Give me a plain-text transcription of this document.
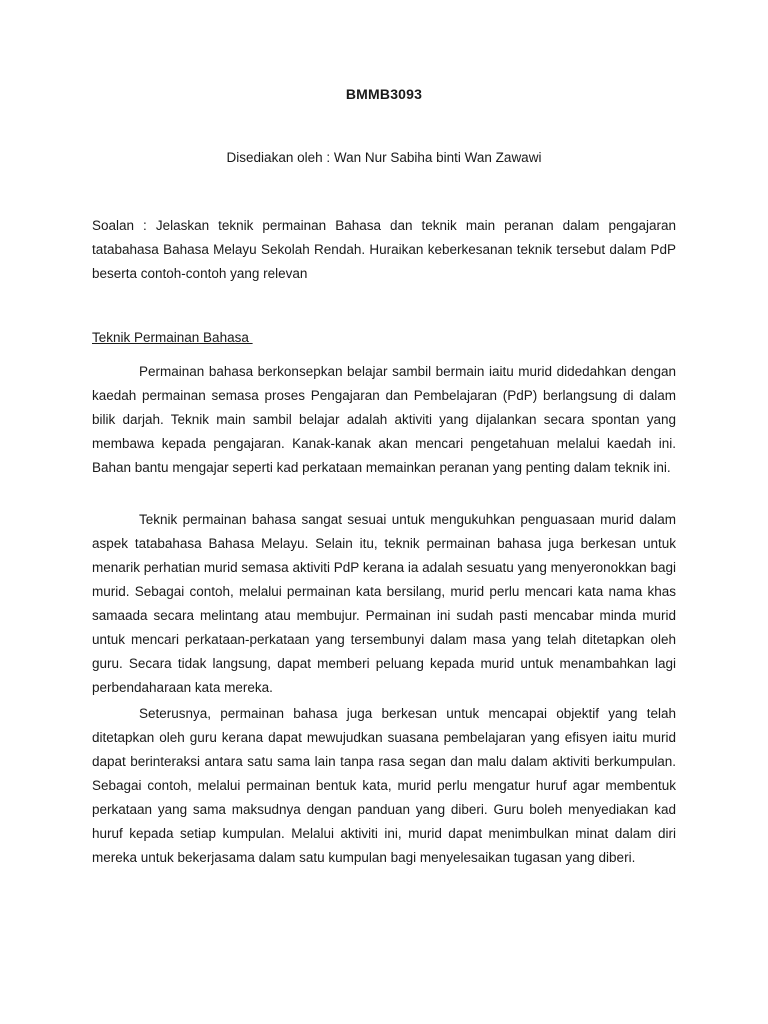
BMMB3093
Disediakan oleh : Wan Nur Sabiha binti Wan Zawawi
Soalan : Jelaskan teknik permainan Bahasa dan teknik main peranan dalam pengajaran tatabahasa Bahasa Melayu Sekolah Rendah. Huraikan keberkesanan teknik tersebut dalam PdP beserta contoh-contoh yang relevan
Teknik Permainan Bahasa
Permainan bahasa berkonsepkan belajar sambil bermain iaitu murid didedahkan dengan kaedah permainan semasa proses Pengajaran dan Pembelajaran (PdP) berlangsung di dalam bilik darjah. Teknik main sambil belajar adalah aktiviti yang dijalankan secara spontan yang membawa kepada pengajaran. Kanak-kanak akan mencari pengetahuan melalui kaedah ini. Bahan bantu mengajar seperti kad perkataan memainkan peranan yang penting dalam teknik ini.
Teknik permainan bahasa sangat sesuai untuk mengukuhkan penguasaan murid dalam aspek tatabahasa Bahasa Melayu. Selain itu, teknik permainan bahasa juga berkesan untuk menarik perhatian murid semasa aktiviti PdP kerana ia adalah sesuatu yang menyeronokkan bagi murid. Sebagai contoh, melalui permainan kata bersilang, murid perlu mencari kata nama khas samaada secara melintang atau membujur. Permainan ini sudah pasti mencabar minda murid untuk mencari perkataan-perkataan yang tersembunyi dalam masa yang telah ditetapkan oleh guru. Secara tidak langsung, dapat memberi peluang kepada murid untuk menambahkan lagi perbendaharaan kata mereka.
Seterusnya, permainan bahasa juga berkesan untuk mencapai objektif yang telah ditetapkan oleh guru kerana dapat mewujudkan suasana pembelajaran yang efisyen iaitu murid dapat berinteraksi antara satu sama lain tanpa rasa segan dan malu dalam aktiviti berkumpulan. Sebagai contoh, melalui permainan bentuk kata, murid perlu mengatur huruf agar membentuk perkataan yang sama maksudnya dengan panduan yang diberi. Guru boleh menyediakan kad huruf kepada setiap kumpulan. Melalui aktiviti ini, murid dapat menimbulkan minat dalam diri mereka untuk bekerjasama dalam satu kumpulan bagi menyelesaikan tugasan yang diberi.
